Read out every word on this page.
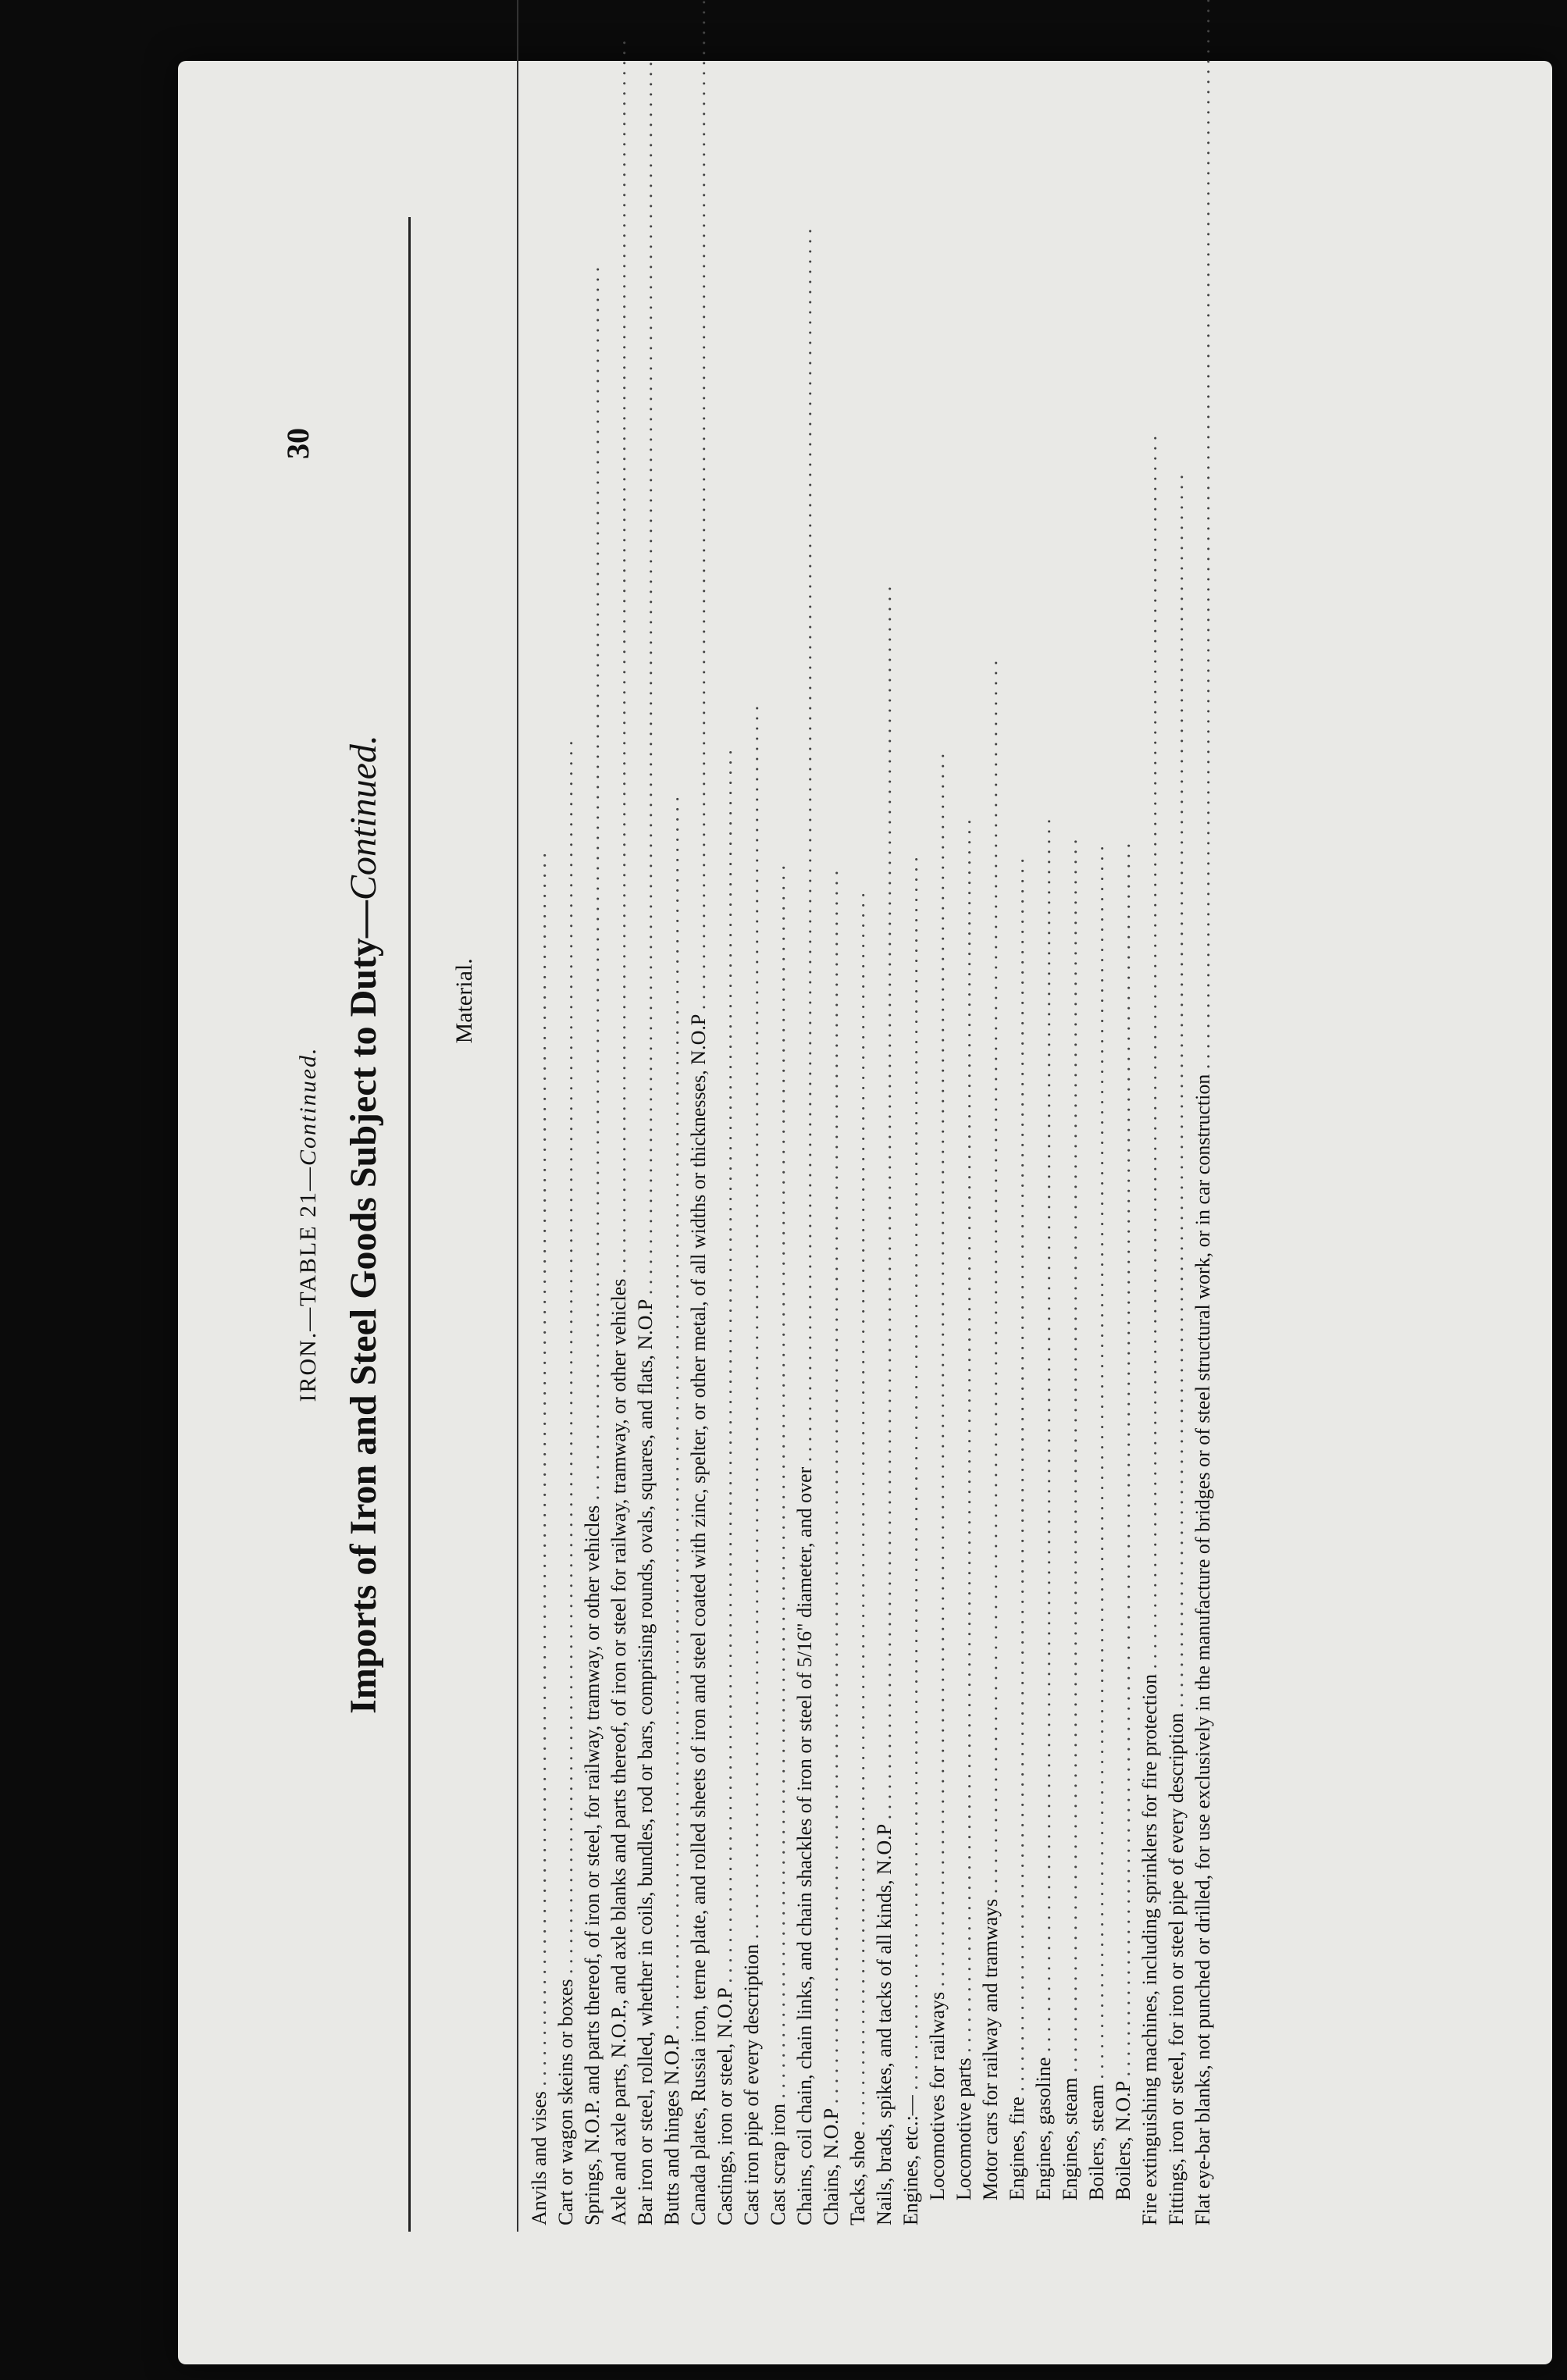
30
IRON.—TABLE 21—Continued. Imports of Iron and Steel Goods Subject to Duty—Continued.
Material.			

Anvils and vises . . .					
Cart or wagon skeins or boxes . . .					
Springs, N.O.P. and parts thereof, of iron or steel, for railway, tramway, or other vehicles . . .					
Axle and axle parts, N.O.P., and axle blanks and parts thereof, of iron or steel for railway, tramway, or other vehicles . . .					
Bar iron or steel, rolled, whether in coils, bundles, rod or bars, comprising rounds, ovals, squares, and flats, N.O.P . . .					
Butts and hinges N.O.P . . .					
Canada plates, Russia iron, terne plate, and rolled sheets of iron and steel coated with zinc, spelter, or other metal, of all widths or thicknesses, N.O.P . . .					
Castings, iron or steel, N.O.P . . .					
Cast iron pipe of every description . . .					
Cast scrap iron . . .					
Chains, coil chain, chain links, and chain shackles of iron or steel of 5/16" diameter, and over . . .					
Chains, N.O.P . . .					
Tacks, shoe . . .					
Nails, brads, spikes, and tacks of all kinds, N.O.P . . .					
Engines, etc.:— . . .					
Locomotives for railways . . .					
Locomotive parts . . .					
Motor cars for railway and tramways . . .					
Engines, fire . . .					
Engines, gasoline . . .					
Engines, steam . . .					
Boilers, steam . . .					
Boilers, N.O.P . . .					
Fire extinguishing machines, including sprinklers for fire protection . . .					
Fittings, iron or steel, for iron or steel pipe of every description . . .					
Flat eye-bar blanks, not punched or drilled, for use exclusively in the manufacture of bridges or of steel structural work, or in car construction . . .					
